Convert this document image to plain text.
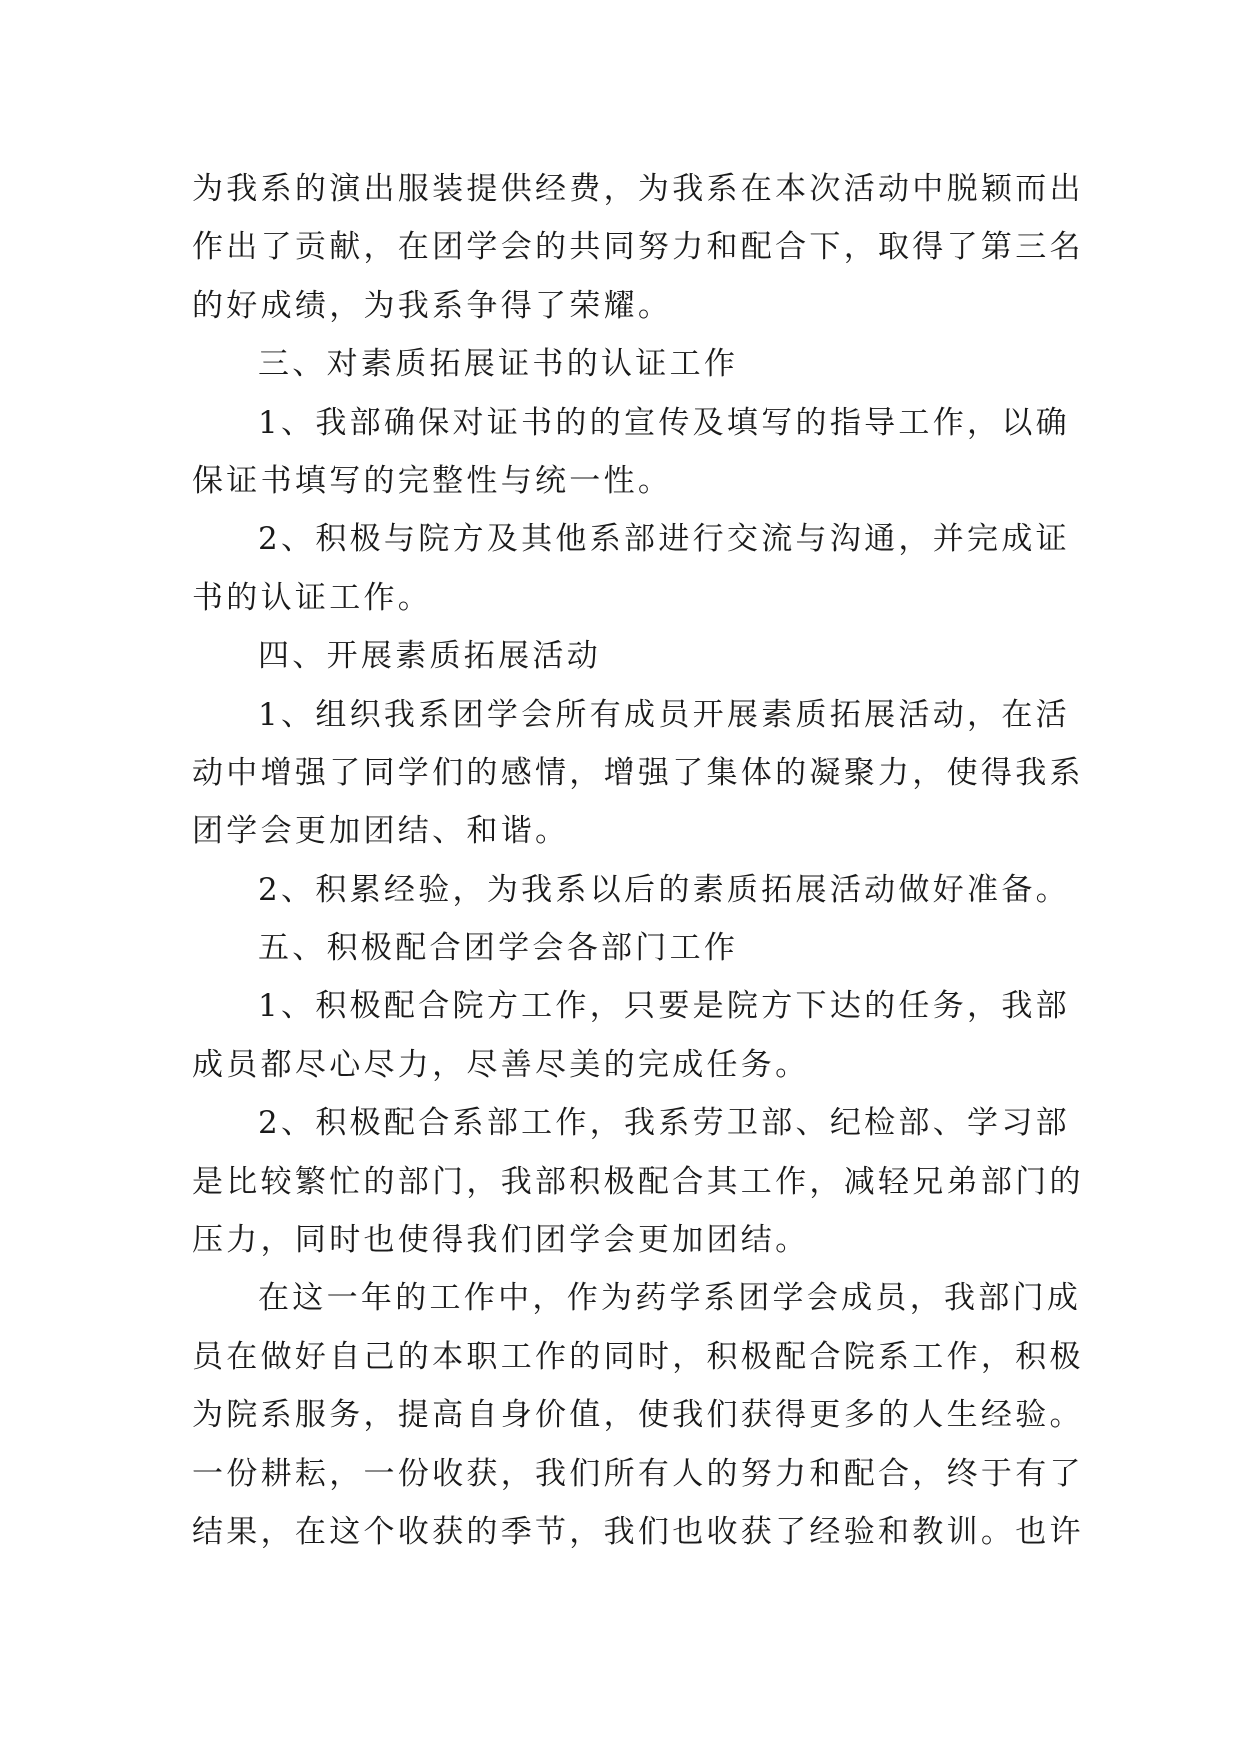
为我系的演出服装提供经费，为我系在本次活动中脱颖而出
作出了贡献，在团学会的共同努力和配合下，取得了第三名
的好成绩，为我系争得了荣耀。
三、对素质拓展证书的认证工作
1、我部确保对证书的的宣传及填写的指导工作，以确
保证书填写的完整性与统一性。
2、积极与院方及其他系部进行交流与沟通，并完成证
书的认证工作。
四、开展素质拓展活动
1、组织我系团学会所有成员开展素质拓展活动，在活
动中增强了同学们的感情，增强了集体的凝聚力，使得我系
团学会更加团结、和谐。
2、积累经验，为我系以后的素质拓展活动做好准备。
五、积极配合团学会各部门工作
1、积极配合院方工作，只要是院方下达的任务，我部
成员都尽心尽力，尽善尽美的完成任务。
2、积极配合系部工作，我系劳卫部、纪检部、学习部
是比较繁忙的部门，我部积极配合其工作，减轻兄弟部门的
压力，同时也使得我们团学会更加团结。
在这一年的工作中，作为药学系团学会成员，我部门成
员在做好自己的本职工作的同时，积极配合院系工作，积极
为院系服务，提高自身价值，使我们获得更多的人生经验。
一份耕耘，一份收获，我们所有人的努力和配合，终于有了
结果，在这个收获的季节，我们也收获了经验和教训。也许
